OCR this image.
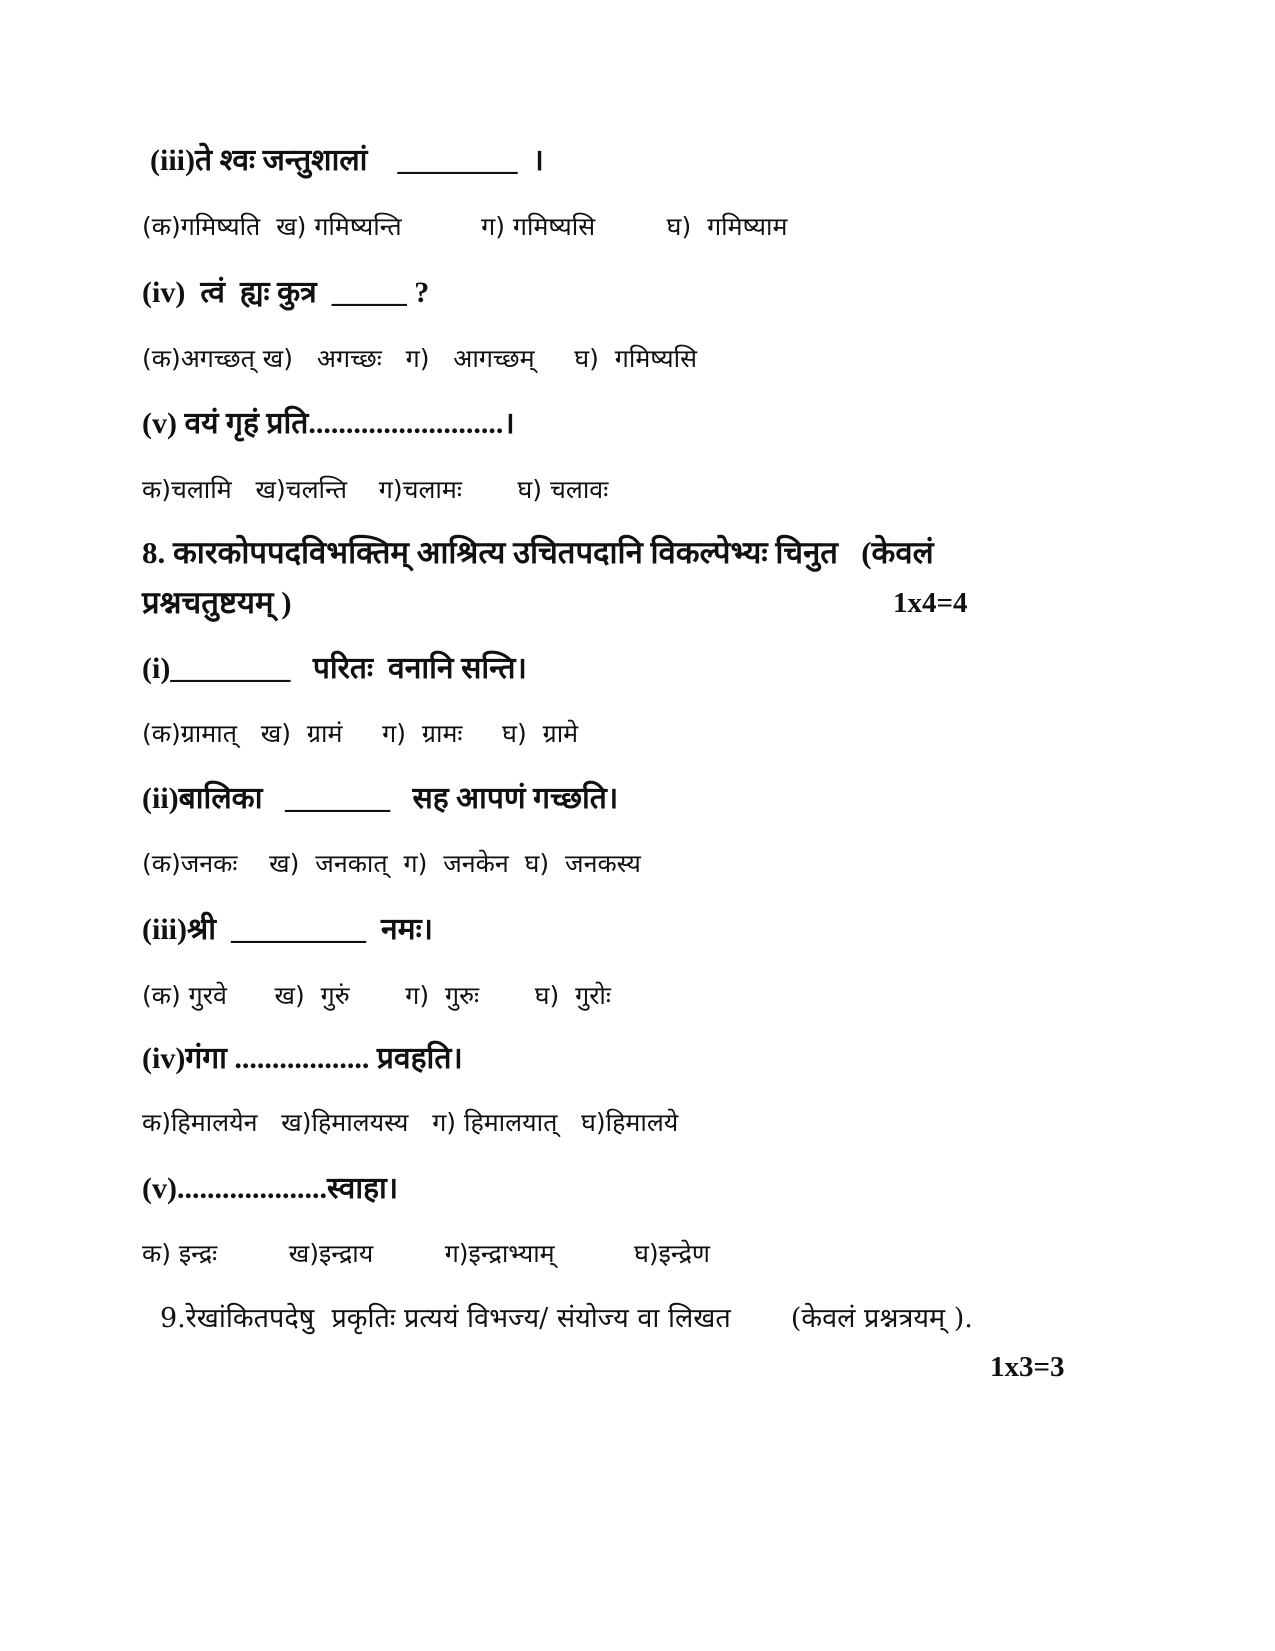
(iii)ते श्वः जन्तुशालां    ________  ।
(क)गमिष्यति  ख) गमिष्यन्ति          ग) गमिष्यसि         घ)  गमिष्याम
(iv)  त्वं  ह्यः कुत्र  _____ ?
(क)अगच्छत् ख)   अगच्छः   ग)   आगच्छम्     घ)  गमिष्यसि
(v) वयं गृहं प्रति..........................।
क)चलामि   ख)चलन्ति    ग)चलामः       घ) चलावः
8. कारकोपपदविभक्तिम् आश्रित्य उचितपदानि विकल्पेभ्यः चिनुत   (केवलं
प्रश्नचतुष्टयम् )	1x4=4
(i)________   परितः  वनानि सन्ति।
(क)ग्रामात्   ख)  ग्रामं     ग)  ग्रामः     घ)  ग्रामे
(ii)बालिका   _______   सह आपणं गच्छति।
(क)जनकः    ख)  जनकात्  ग)  जनकेन  घ)  जनकस्य
(iii)श्री  _________  नमः।
(क) गुरवे      ख)  गुरुं       ग)  गुरुः       घ)  गुरोः
(iv)गंगा .................. प्रवहति।
क)हिमालयेन   ख)हिमालयस्य   ग) हिमालयात्   घ)हिमालये
(v)....................स्वाहा।
क) इन्द्रः         ख)इन्द्राय         ग)इन्द्राभ्याम्          घ)इन्द्रेण
9.रेखांकितपदेषु  प्रकृतिः प्रत्ययं विभज्य/ संयोज्य वा लिखत       (केवलं प्रश्नत्रयम् ).
1x3=3
